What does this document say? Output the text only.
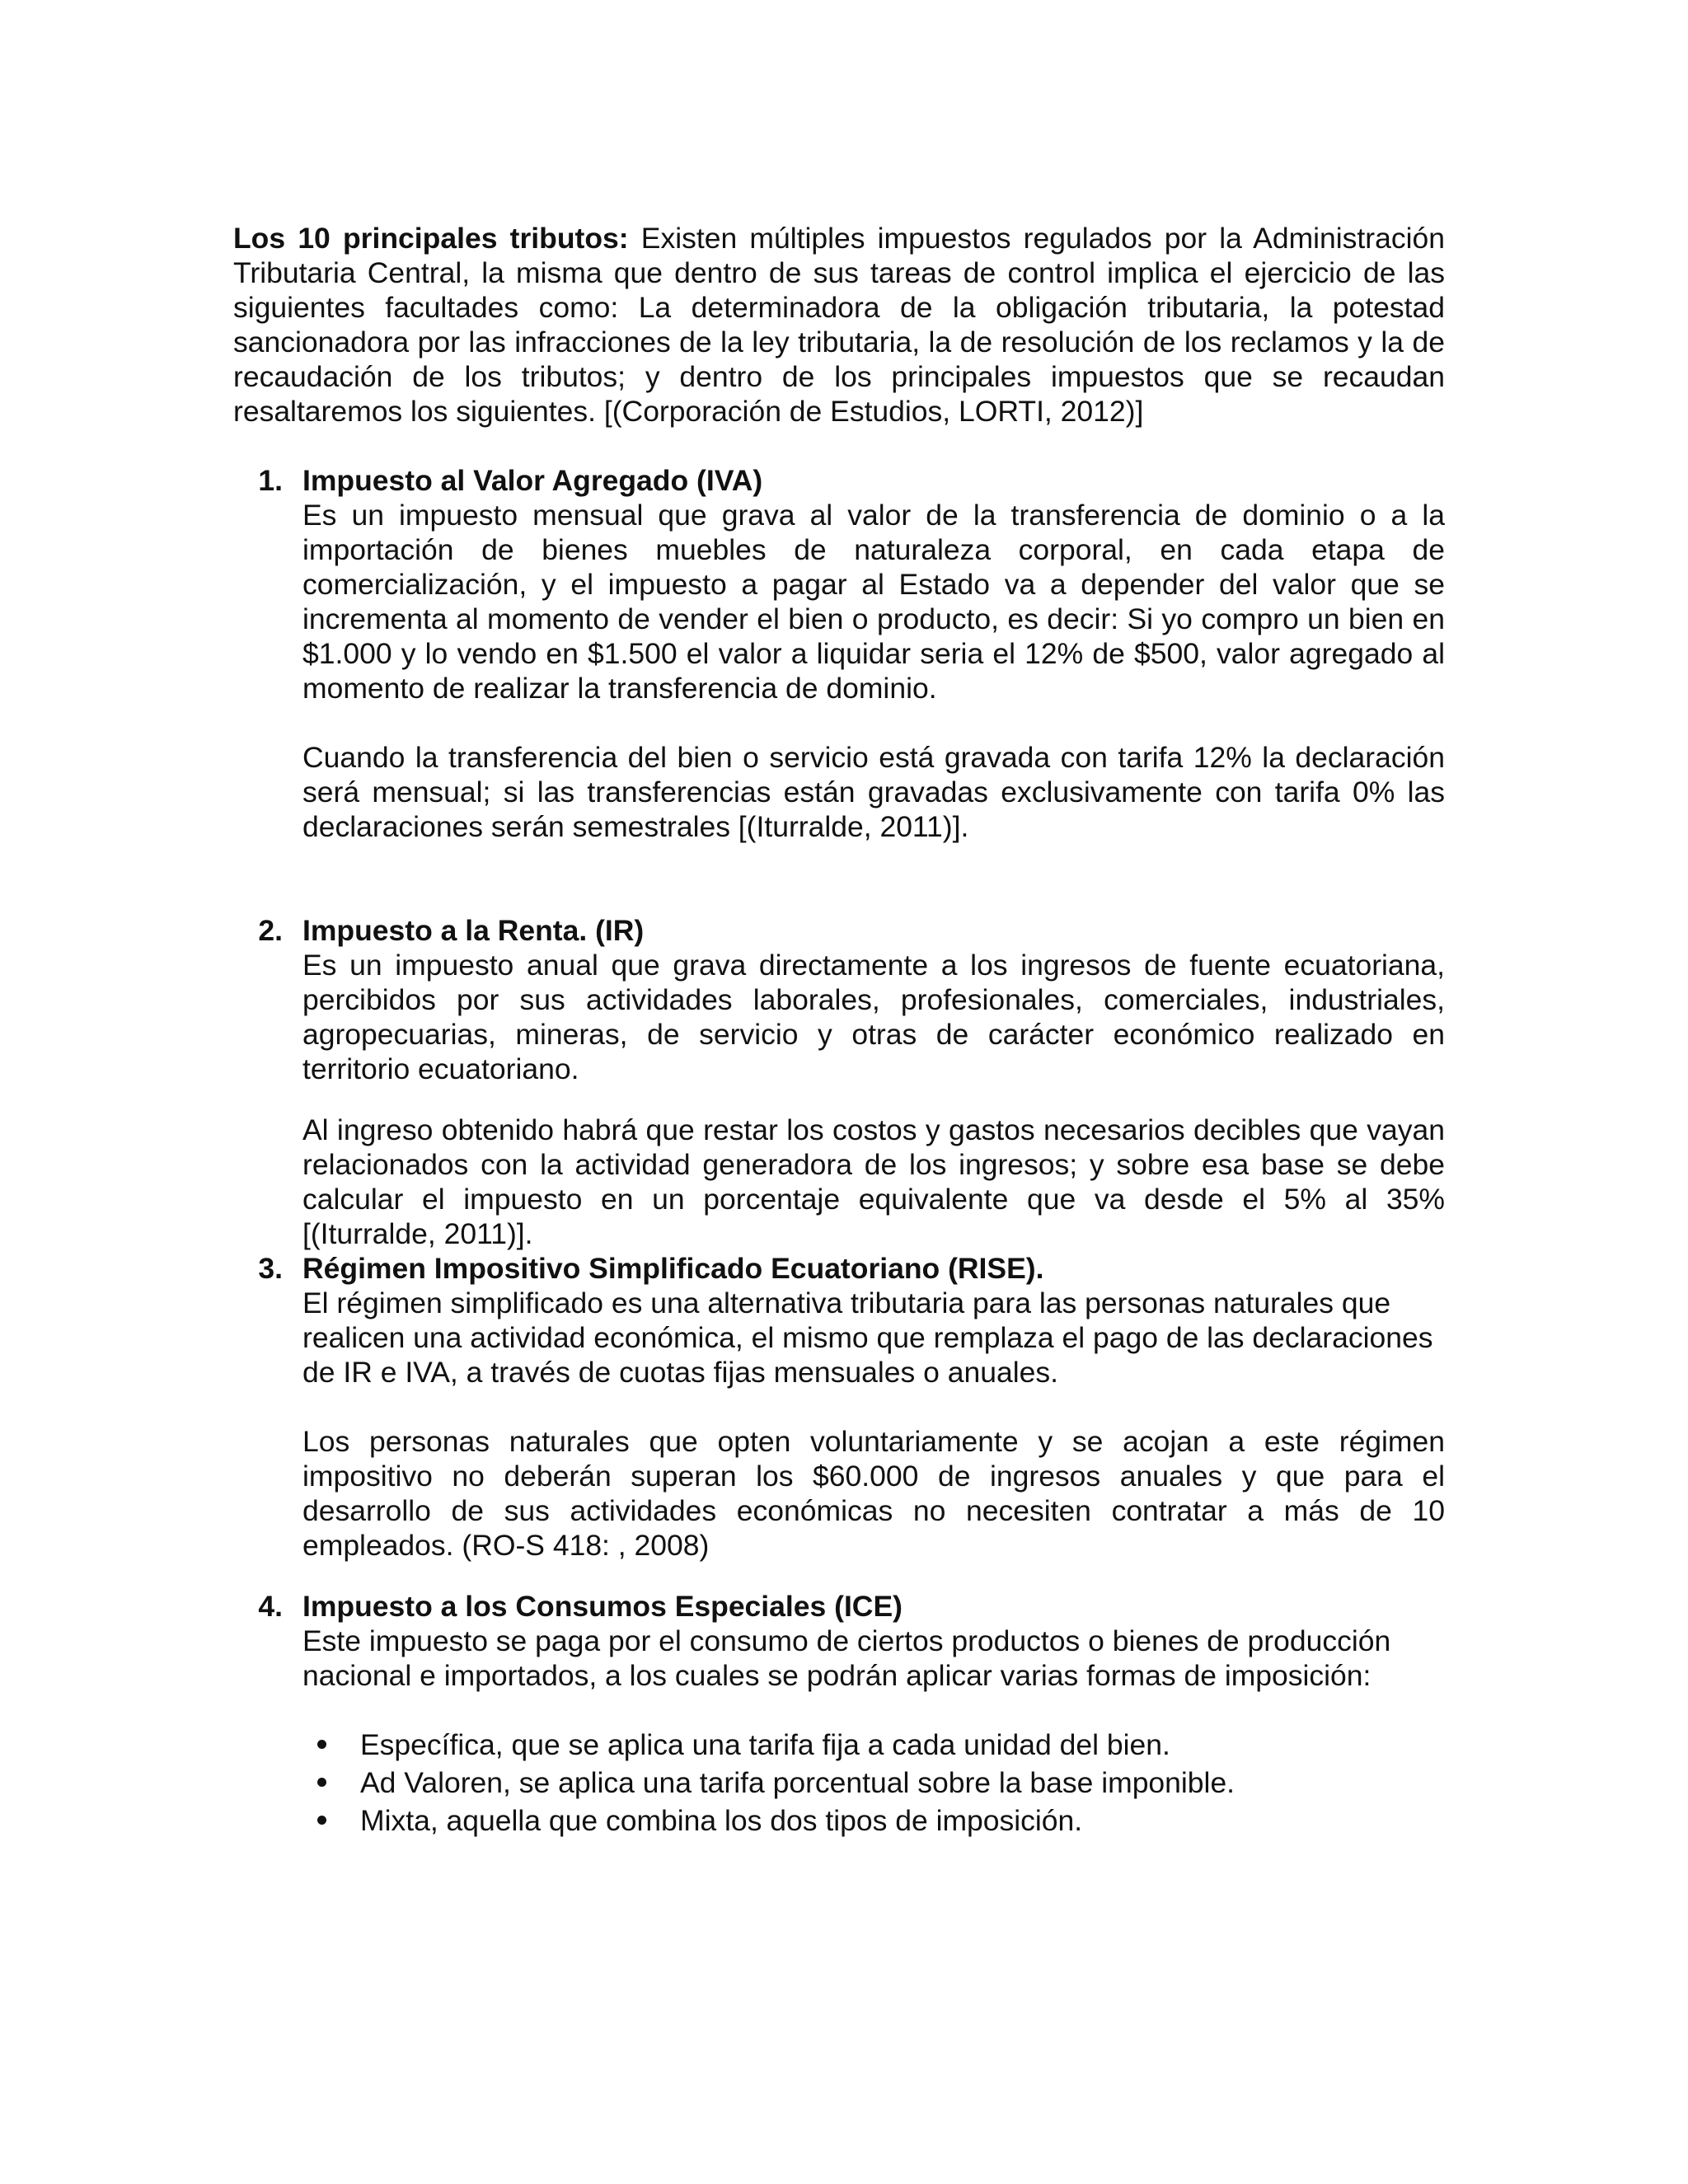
Los 10 principales tributos: Existen múltiples impuestos regulados por la Administración Tributaria Central, la misma que dentro de sus tareas de control implica el ejercicio de las siguientes facultades como: La determinadora de la obligación tributaria, la potestad sancionadora por las infracciones de la ley tributaria, la de resolución de los reclamos y la de recaudación de los tributos; y dentro de los principales impuestos que se recaudan resaltaremos los siguientes. [(Corporación de Estudios, LORTI, 2012)]

1. Impuesto al Valor Agregado (IVA)

Es un impuesto mensual que grava al valor de la transferencia de dominio o a la importación de bienes muebles de naturaleza corporal, en cada etapa de comercialización, y el impuesto a pagar al Estado va a depender del valor que se incrementa al momento de vender el bien o producto, es decir: Si yo compro un bien en $1.000 y lo vendo en $1.500 el valor a liquidar seria el 12% de $500, valor agregado al momento de realizar la transferencia de dominio.

Cuando la transferencia del bien o servicio está gravada con tarifa 12% la declaración será mensual; si las transferencias están gravadas exclusivamente con tarifa 0% las declaraciones serán semestrales [(Iturralde, 2011)].

2. Impuesto a la Renta. (IR)

Es un impuesto anual que grava directamente a los ingresos de fuente ecuatoriana, percibidos por sus actividades laborales, profesionales, comerciales, industriales, agropecuarias, mineras, de servicio y otras de carácter económico realizado en territorio ecuatoriano.

Al ingreso obtenido habrá que restar los costos y gastos necesarios decibles que vayan relacionados con la actividad generadora de los ingresos; y sobre esa base se debe calcular el impuesto en un porcentaje equivalente que va desde el 5% al 35% [(Iturralde, 2011)].

3. Régimen Impositivo Simplificado Ecuatoriano (RISE).

El régimen simplificado es una alternativa tributaria para las personas naturales que realicen una actividad económica, el mismo que remplaza el pago de las declaraciones de IR e IVA, a través de cuotas fijas mensuales o anuales.

Los personas naturales que opten voluntariamente y se acojan a este régimen impositivo no deberán superan los $60.000 de ingresos anuales y que para el desarrollo de sus actividades económicas no necesiten contratar a más de 10 empleados. (RO-S 418: , 2008)

4. Impuesto a los Consumos Especiales (ICE)

Este impuesto se paga por el consumo de ciertos productos o bienes de producción nacional e importados, a los cuales se podrán aplicar varias formas de imposición:

Específica, que se aplica una tarifa fija a cada unidad del bien.
Ad Valoren, se aplica una tarifa porcentual sobre la base imponible.
Mixta, aquella que combina los dos tipos de imposición.
